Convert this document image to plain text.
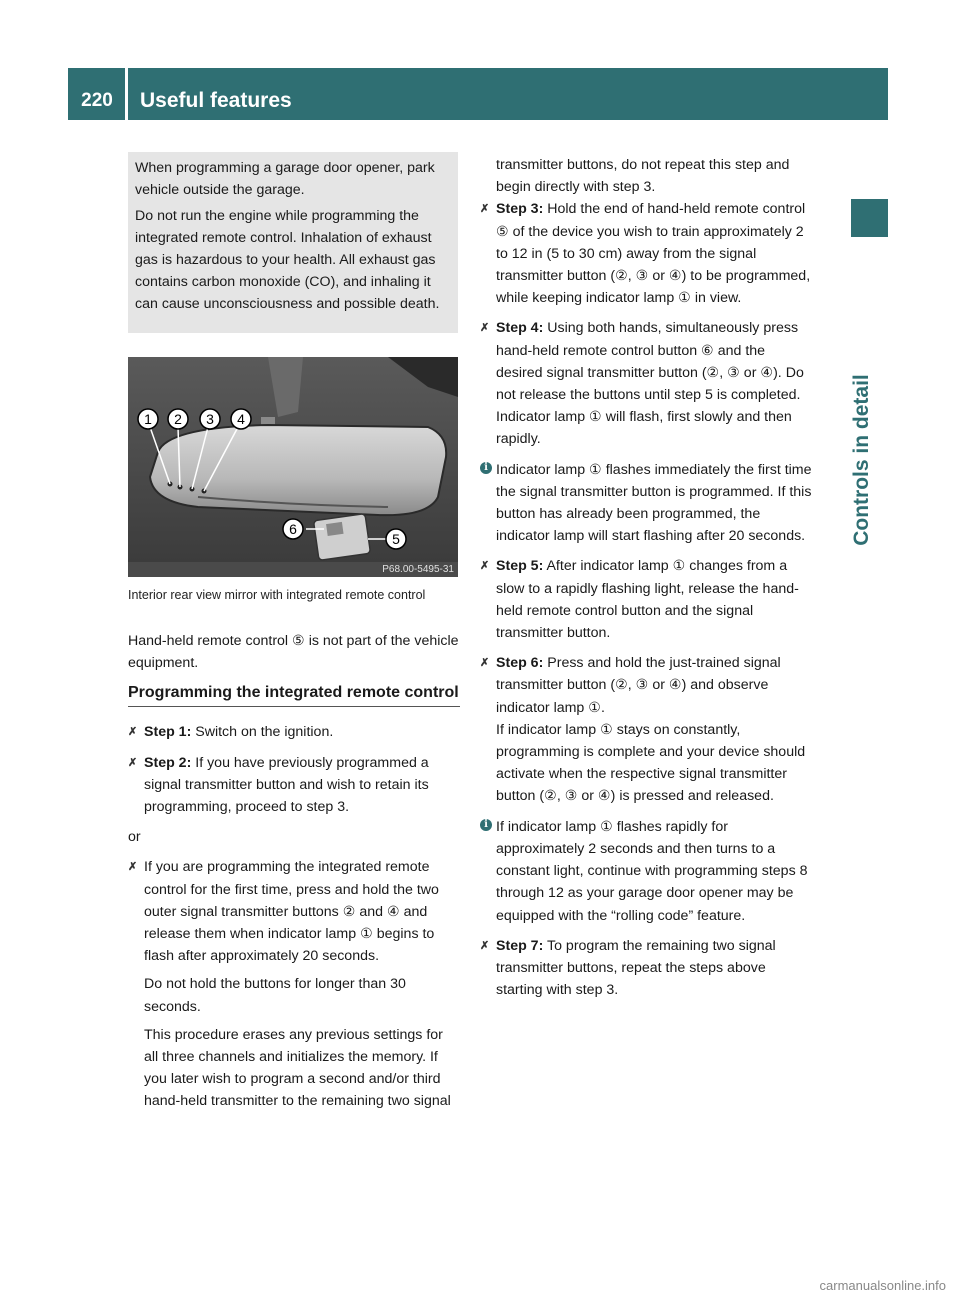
220	Useful features
Controls in detail

When programming a garage door opener, park vehicle outside the garage.

Do not run the engine while programming the integrated remote control. Inhalation of exhaust gas is hazardous to your health. All exhaust gas contains carbon monoxide (CO), and inhaling it can cause unconsciousness and possible death.

1 2 3 4
6
5
P68.00-5495-31
Interior rear view mirror with integrated remote control

Hand-held remote control ⑤ is not part of the vehicle equipment.

Programming the integrated remote control

✗ Step 1: Switch on the ignition.

✗ Step 2: If you have previously programmed a signal transmitter button and wish to retain its programming, proceed to step 3.

or

✗ If you are programming the integrated remote control for the first time, press and hold the two outer signal transmitter buttons ② and ④ and release them when indicator lamp ① begins to flash after approximately 20 seconds.

Do not hold the buttons for longer than 30 seconds.

This procedure erases any previous settings for all three channels and initializes the memory. If you later wish to program a second and/or third hand-held transmitter to the remaining two signal

transmitter buttons, do not repeat this step and begin directly with step 3.

✗ Step 3: Hold the end of hand-held remote control ⑤ of the device you wish to train approximately 2 to 12 in (5 to 30 cm) away from the signal transmitter button (②, ③ or ④) to be programmed, while keeping indicator lamp ① in view.

✗ Step 4: Using both hands, simultaneously press hand-held remote control button ⑥ and the desired signal transmitter button (②, ③ or ④). Do not release the buttons until step 5 is completed.

Indicator lamp ① will flash, first slowly and then rapidly.

i Indicator lamp ① flashes immediately the first time the signal transmitter button is programmed. If this button has already been programmed, the indicator lamp will start flashing after 20 seconds.

✗ Step 5: After indicator lamp ① changes from a slow to a rapidly flashing light, release the hand-held remote control button and the signal transmitter button.

✗ Step 6: Press and hold the just-trained signal transmitter button (②, ③ or ④) and observe indicator lamp ①.

If indicator lamp ① stays on constantly, programming is complete and your device should activate when the respective signal transmitter button (②, ③ or ④) is pressed and released.

i If indicator lamp ① flashes rapidly for approximately 2 seconds and then turns to a constant light, continue with programming steps 8 through 12 as your garage door opener may be equipped with the “rolling code” feature.

✗ Step 7: To program the remaining two signal transmitter buttons, repeat the steps above starting with step 3.

carmanualsonline.info
